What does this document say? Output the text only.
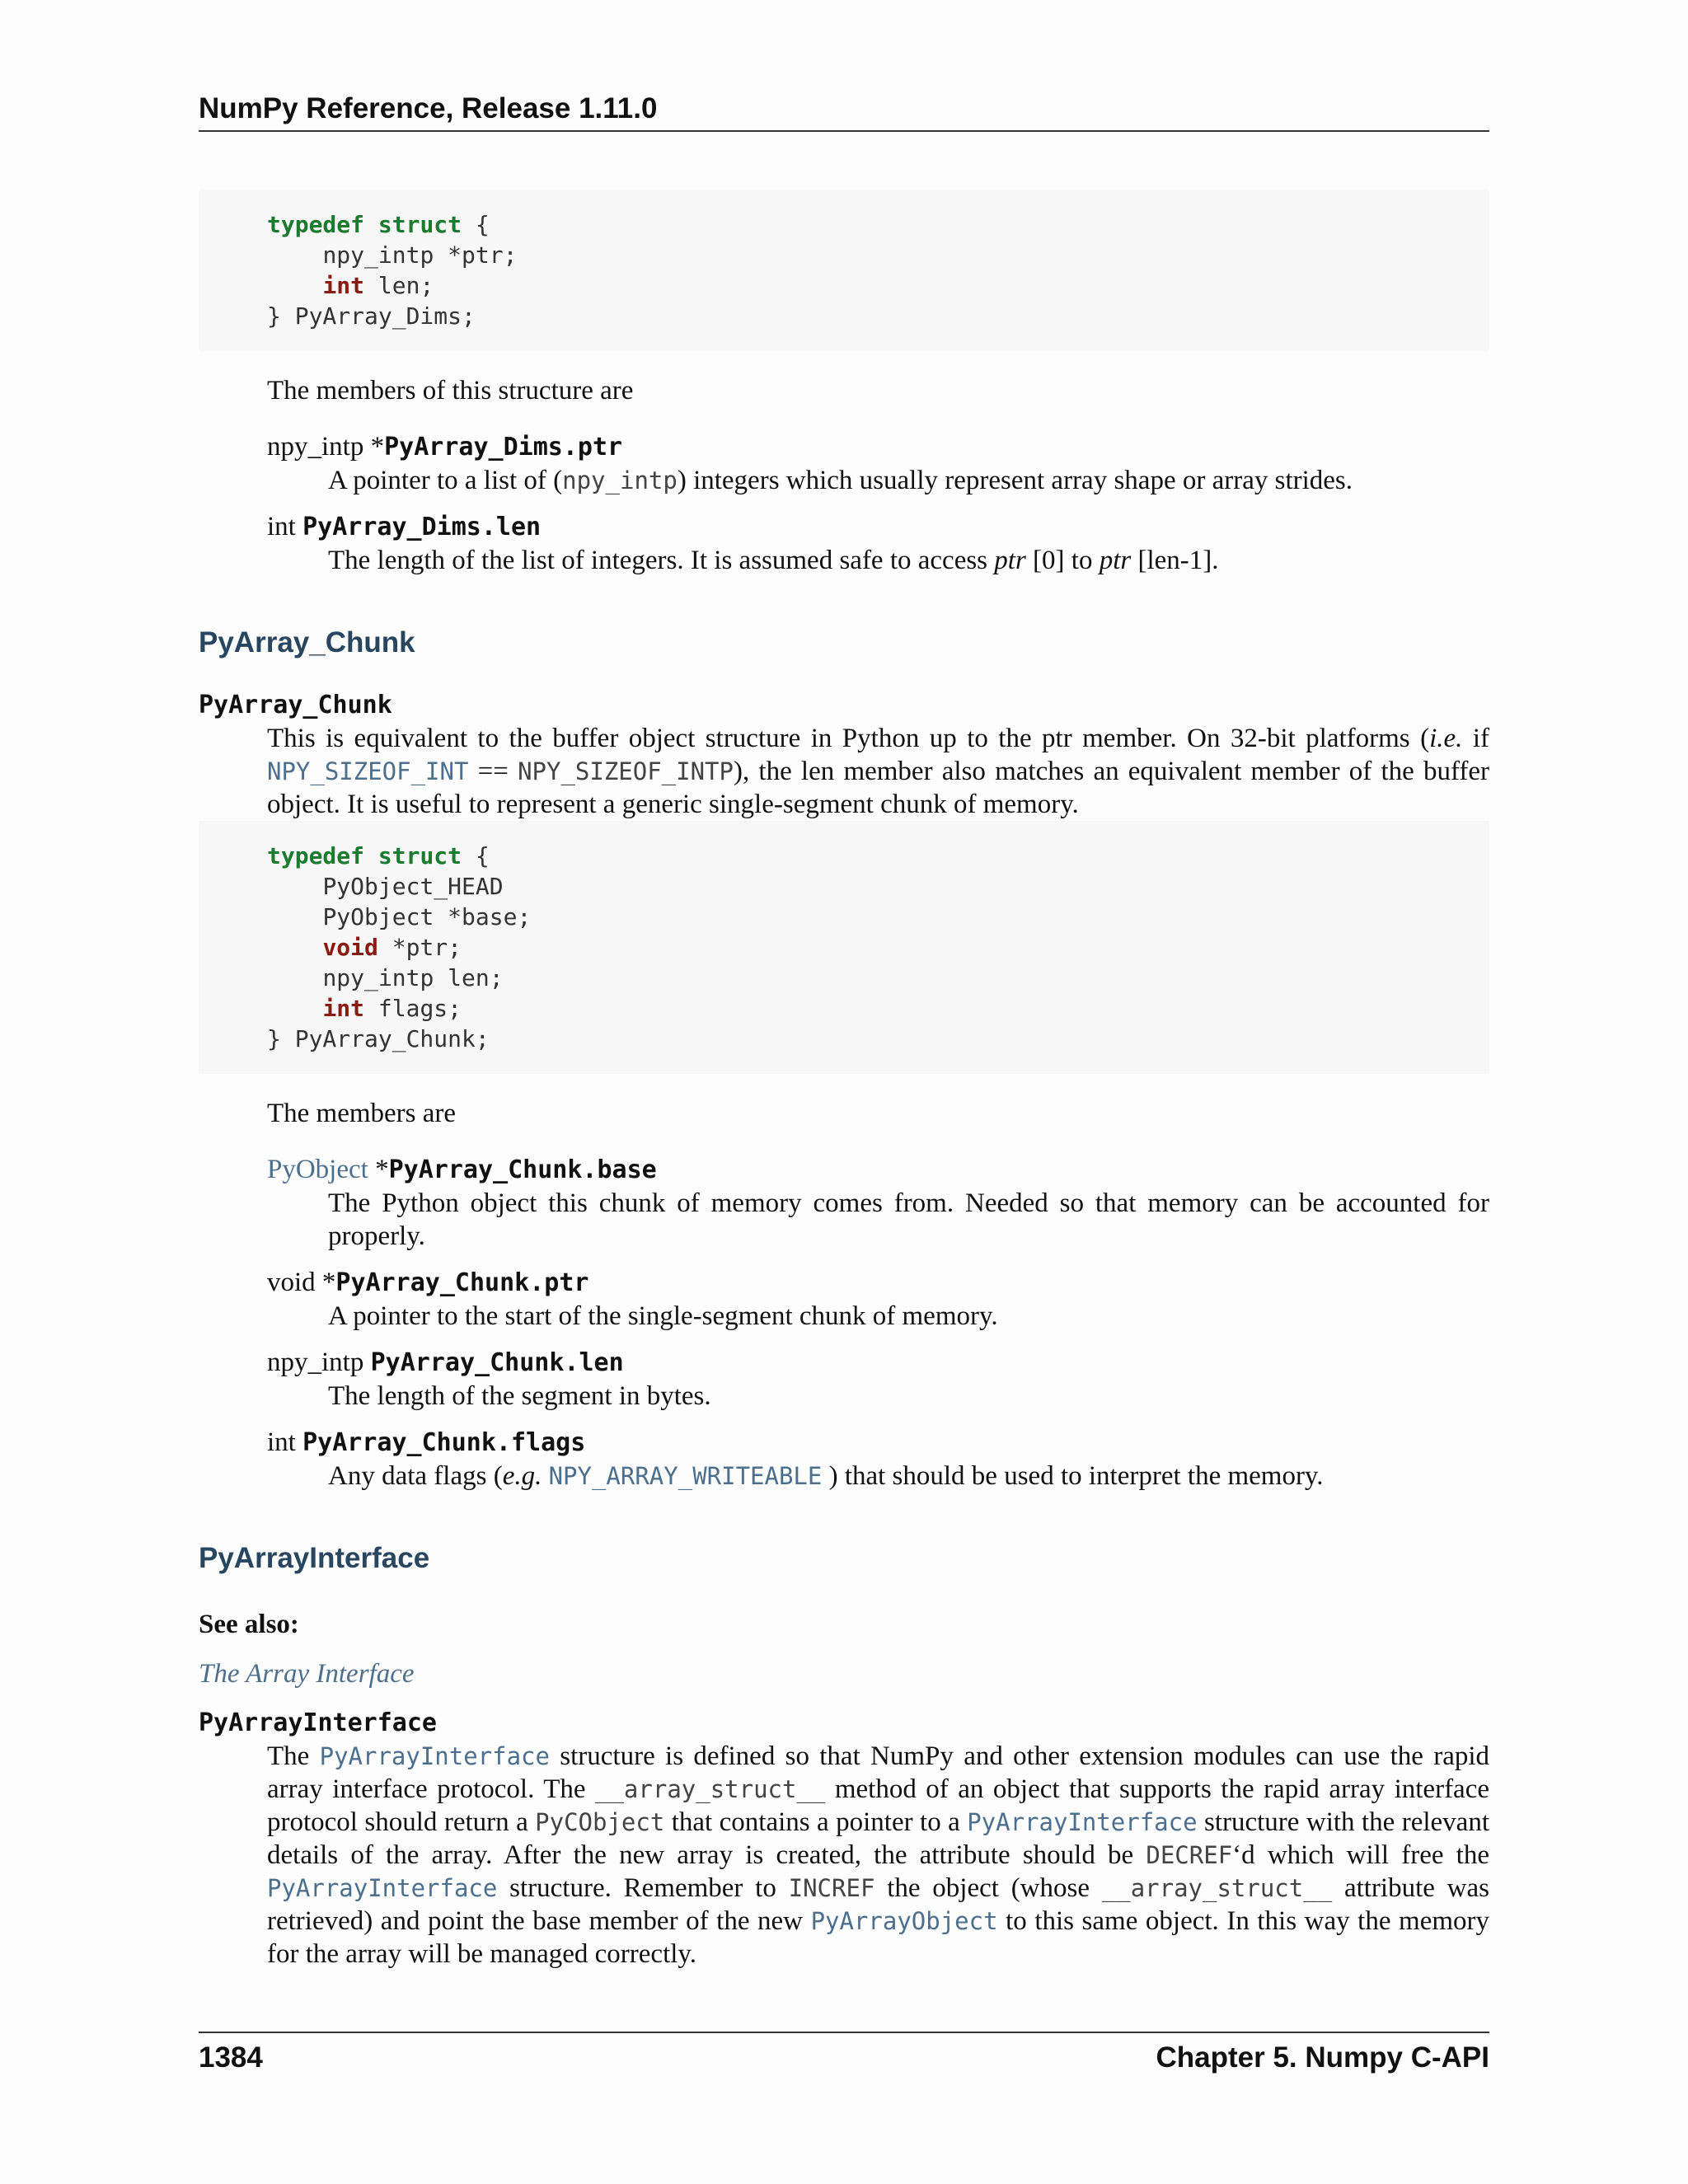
NumPy Reference, Release 1.11.0
typedef struct {
npy_intp *ptr;
int len;
} PyArray_Dims;

The members of this structure are

npy_intp *PyArray_Dims.ptr

A pointer to a list of (npy_intp) integers which usually represent array shape or array strides.

int PyArray_Dims.len

The length of the list of integers. It is assumed safe to access ptr [0] to ptr [len-1].

PyArray_Chunk

PyArray_Chunk

This is equivalent to the buffer object structure in Python up to the ptr member. On 32-bit platforms (i.e. if NPY_SIZEOF_INT == NPY_SIZEOF_INTP), the len member also matches an equivalent member of the buffer object. It is useful to represent a generic single-segment chunk of memory.

typedef struct {
PyObject_HEAD
PyObject *base;
void *ptr;
npy_intp len;
int flags;
} PyArray_Chunk;

The members are

PyObject *PyArray_Chunk.base

The Python object this chunk of memory comes from. Needed so that memory can be accounted for properly.

void *PyArray_Chunk.ptr

A pointer to the start of the single-segment chunk of memory.

npy_intp PyArray_Chunk.len

The length of the segment in bytes.

int PyArray_Chunk.flags

Any data flags (e.g. NPY_ARRAY_WRITEABLE ) that should be used to interpret the memory.

PyArrayInterface

See also:

The Array Interface

PyArrayInterface

The PyArrayInterface structure is defined so that NumPy and other extension modules can use the rapid array interface protocol. The __array_struct__ method of an object that supports the rapid array interface protocol should return a PyCObject that contains a pointer to a PyArrayInterface structure with the relevant details of the array. After the new array is created, the attribute should be DECREF‘d which will free the PyArrayInterface structure. Remember to INCREF the object (whose __array_struct__ attribute was retrieved) and point the base member of the new PyArrayObject to this same object. In this way the memory for the array will be managed correctly.

1384	Chapter 5. Numpy C-API
